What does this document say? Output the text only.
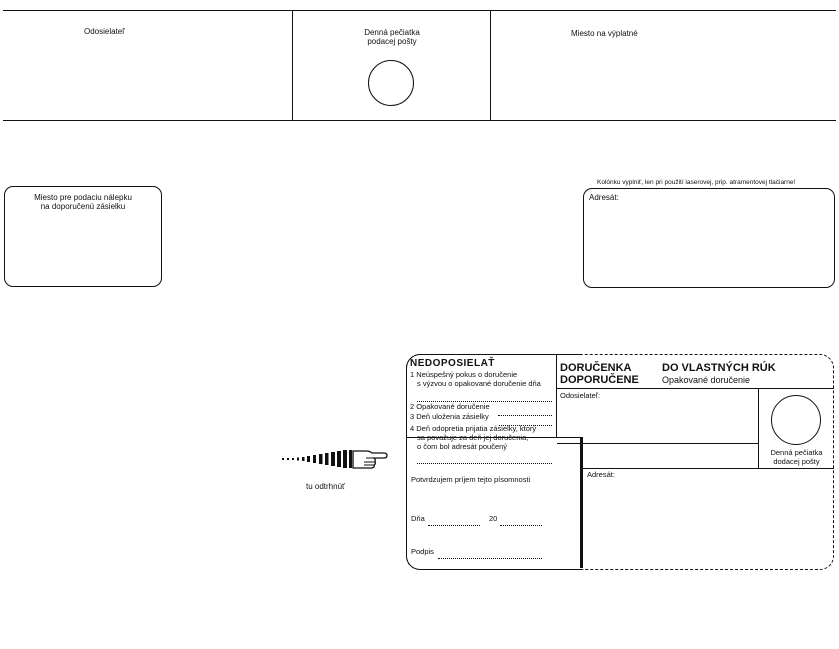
Odosielateľ	Denná pečiatka
podacej pošty
Miesto na výplatné
Miesto pre podaciu nálepku
na doporučenú zásielku
Kolónku vyplniť, len pri použití laserovej, prip. atramentovej tlačiarne!
Adresát:
tu odtrhnúť
NEDOPOSIELAŤ
1 Neúspešný pokus o doručenie
s výzvou o opakované doručenie dňa
2 Opakované doručenie
3 Deň uloženia zásielky
4 Deň odopretia prijatia zásielky, ktorý
sa považuje za deň jej doručenia,
o čom bol adresát poučený
Potvrdzujem príjem tejto písomnosti
Dňa	20
Podpis
DORUČENKA
DOPORUČENE
DO VLASTNÝCH RÚK
Opakované doručenie
Odosielateľ:
Denná pečiatka
dodacej pošty
Adresát:
